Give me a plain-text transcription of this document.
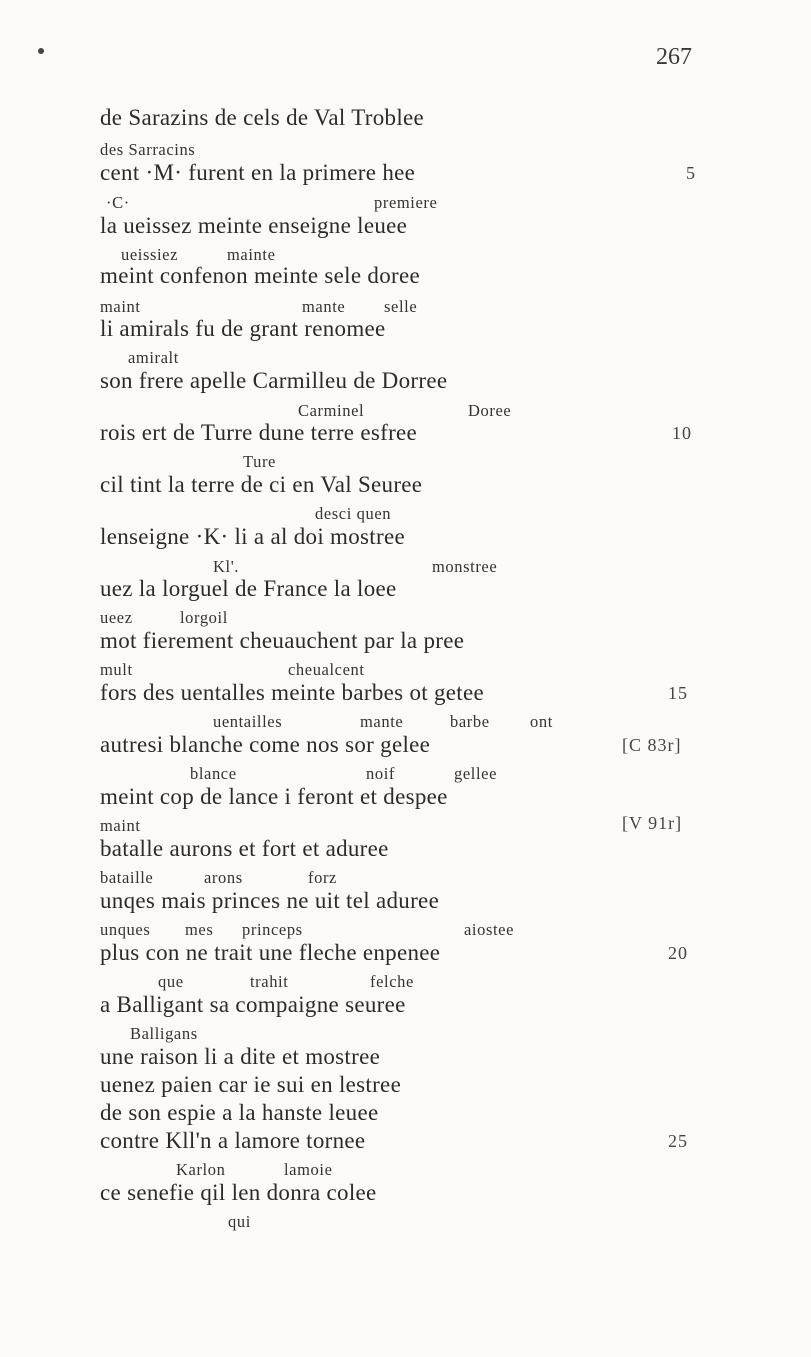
267
de Sarazins de cels de Val Troblee
des Sarracins
cent ·M· furent en la primere hee
·C·	premiere
5
la ueissez meinte enseigne leuee
ueissiez	mainte
meint confenon meinte sele doree
maint	mante selle
li amirals fu de grant renomee
amiralt
son frere apelle Carmilleu de Dorree
Carminel	Doree
rois ert de Turre dune terre esfree
Ture
10
cil tint la terre de ci en Val Seuree
desci quen
lenseigne ·K· li a al doi mostree
Kl'.	monstree
uez la lorguel de France la loee
ueez	lorgoil
mot fierement cheuauchent par la pree
mult	cheualcent
fors des uentalles meinte barbes ot getee
uentailles	mante	barbe ont
15
autresi blanche come nos sor gelee
blance	noif	gellee
[C 83r]
meint cop de lance i feront et despee
maint	[V 91r]
batalle aurons et fort et aduree
bataille	arons	forz
unqes mais princes ne uit tel aduree
unques mes princeps	aiostee
plus con ne trait une fleche enpenee
que	trahit	felche
20
a Balligant sa compaigne seuree
Balligans
une raison li a dite et mostree
uenez paien car ie sui en lestree
de son espie a la hanste leuee
contre Kll'n a lamore tornee
Karlon	lamoie
25
ce senefie qil len donra colee
qui
